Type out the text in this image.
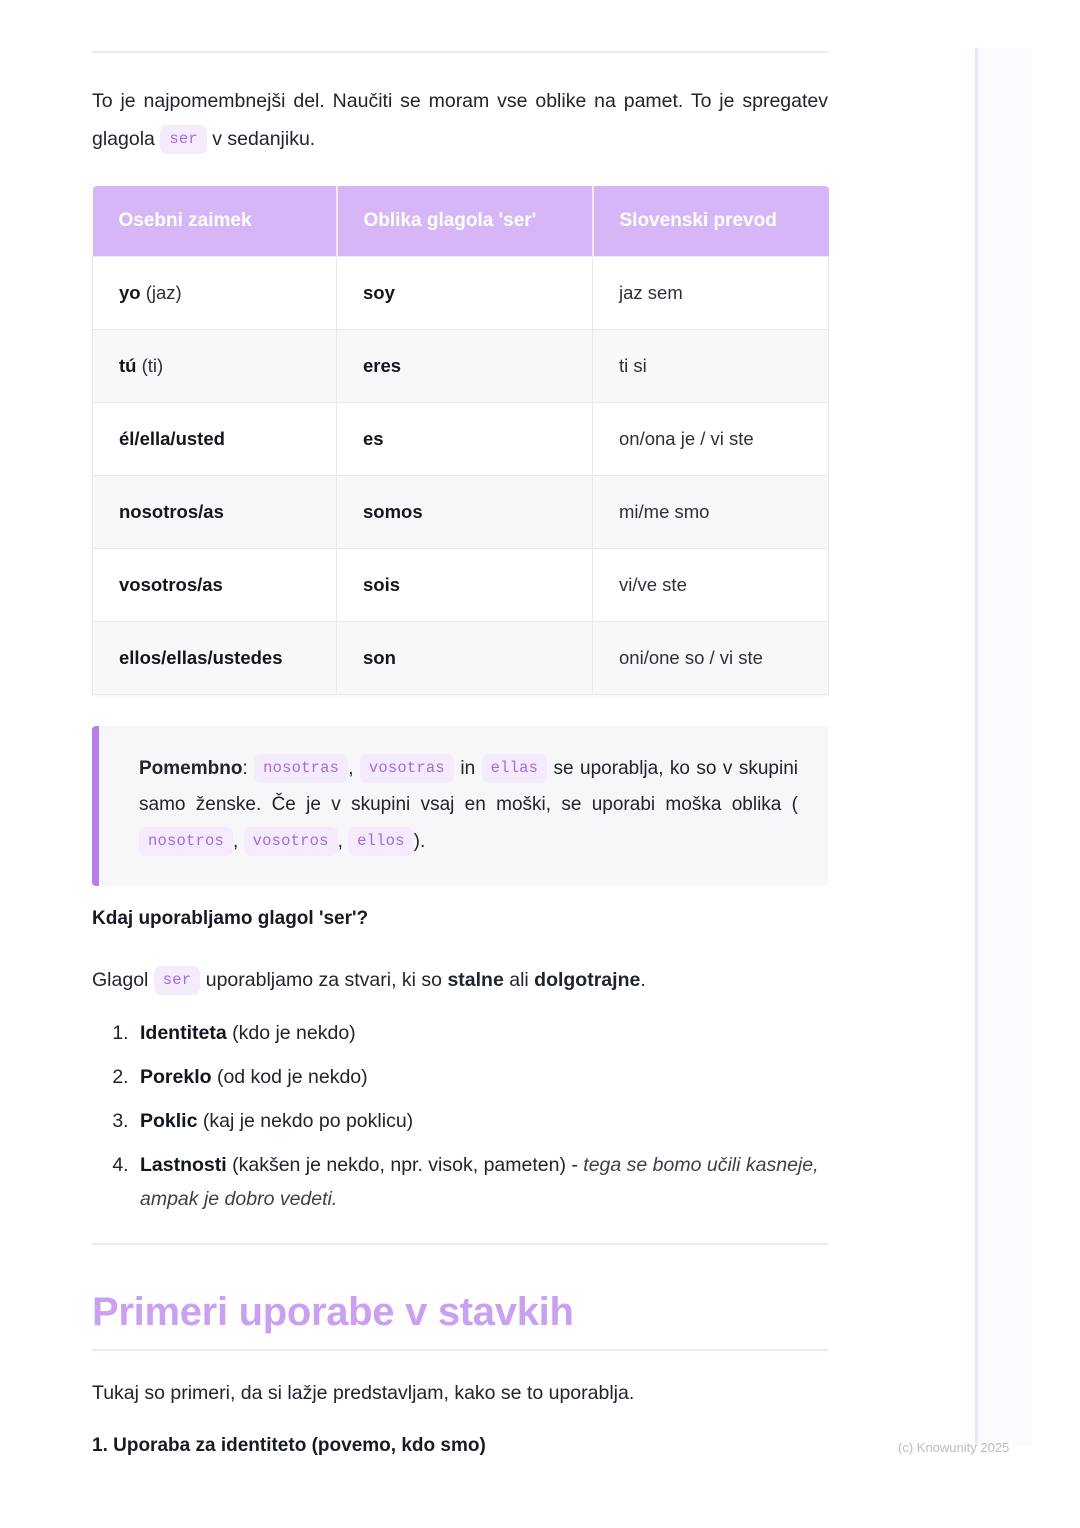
To je najpomembnejši del. Naučiti se moram vse oblike na pamet. To je spregatev glagola ser v sedanjiku.

Osebni zaimek	Oblika glagola 'ser'	Slovenski prevod
yo (jaz)	soy	jaz sem
tú (ti)	eres	ti si
él/ella/usted	es	on/ona je / vi ste
nosotros/as	somos	mi/me smo
vosotros/as	sois	vi/ve ste
ellos/ellas/ustedes	son	oni/one so / vi ste

Pomembno: nosotras , vosotras in ellas se uporablja, ko so v skupini samo ženske. Če je v skupini vsaj en moški, se uporabi moška oblika ( nosotros , vosotros , ellos ).

Kdaj uporabljamo glagol 'ser'?
Glagol ser uporabljamo za stvari, ki so stalne ali dolgotrajne.
1. Identiteta (kdo je nekdo)
2. Poreklo (od kod je nekdo)
3. Poklic (kaj je nekdo po poklicu)
4. Lastnosti (kakšen je nekdo, npr. visok, pameten) - tega se bomo učili kasneje, ampak je dobro vedeti.
Primeri uporabe v stavkih
Tukaj so primeri, da si lažje predstavljam, kako se to uporablja.
1. Uporaba za identiteto (povemo, kdo smo)	(c) Knowunity 2025
